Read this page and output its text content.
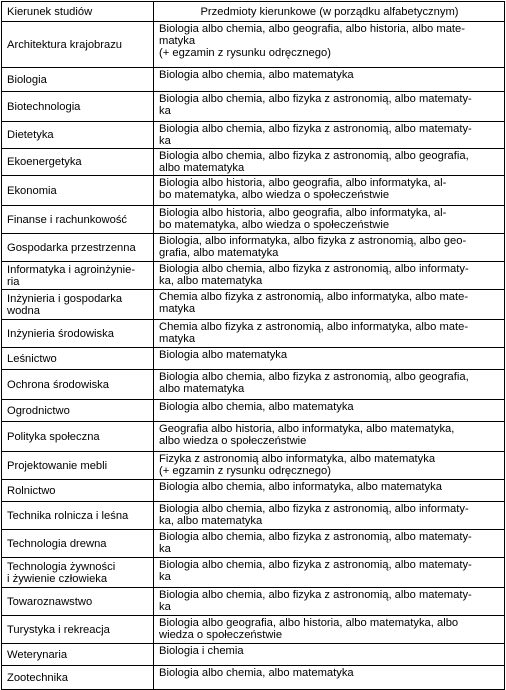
Kierunek studiów	Przedmioty kierunkowe (w porządku alfabetycznym)
Architektura krajobrazu	Biologia albo chemia, albo geografia, albo historia, albo mate-
matyka
(+ egzamin z rysunku odręcznego)
Biologia	Biologia albo chemia, albo matematyka
Biotechnologia	Biologia albo chemia, albo fizyka z astronomią, albo matematy-
ka
Dietetyka	Biologia albo chemia, albo fizyka z astronomią, albo matematy-
ka
Ekoenergetyka	Biologia albo chemia, albo fizyka z astronomią, albo geografia,
albo matematyka
Ekonomia	Biologia albo historia, albo geografia, albo informatyka, al-
bo matematyka, albo wiedza o społeczeństwie
Finanse i rachunkowość	Biologia albo historia, albo geografia, albo informatyka, al-
bo matematyka, albo wiedza o społeczeństwie
Gospodarka przestrzenna	Biologia, albo informatyka, albo fizyka z astronomią, albo geo-
grafia, albo matematyka
Informatyka i agroinżynie-
ria	Biologia albo chemia, albo fizyka z astronomią, albo informaty-
ka, albo matematyka
Inżynieria i gospodarka
wodna	Chemia albo fizyka z astronomią, albo informatyka, albo mate-
matyka
Inżynieria środowiska	Chemia albo fizyka z astronomią, albo informatyka, albo mate-
matyka
Leśnictwo	Biologia albo matematyka
Ochrona środowiska	Biologia albo chemia, albo fizyka z astronomią, albo geografia,
albo matematyka
Ogrodnictwo	Biologia albo chemia, albo matematyka
Polityka społeczna	Geografia albo historia, albo informatyka, albo matematyka,
albo wiedza o społeczeństwie
Projektowanie mebli	Fizyka z astronomią albo informatyka, albo matematyka
(+ egzamin z rysunku odręcznego)
Rolnictwo	Biologia albo chemia, albo informatyka, albo matematyka
Technika rolnicza i leśna	Biologia albo chemia, albo fizyka z astronomią, albo informaty-
ka, albo matematyka
Technologia drewna	Biologia albo chemia, albo fizyka z astronomią, albo matematy-
ka
Technologia żywności
i żywienie człowieka	Biologia albo chemia, albo fizyka z astronomią, albo matematy-
ka
Towaroznawstwo	Biologia albo chemia, albo fizyka z astronomią, albo matematy-
ka
Turystyka i rekreacja	Biologia albo geografia, albo historia, albo matematyka, albo
wiedza o społeczeństwie
Weterynaria	Biologia i chemia
Zootechnika	Biologia albo chemia, albo matematyka
